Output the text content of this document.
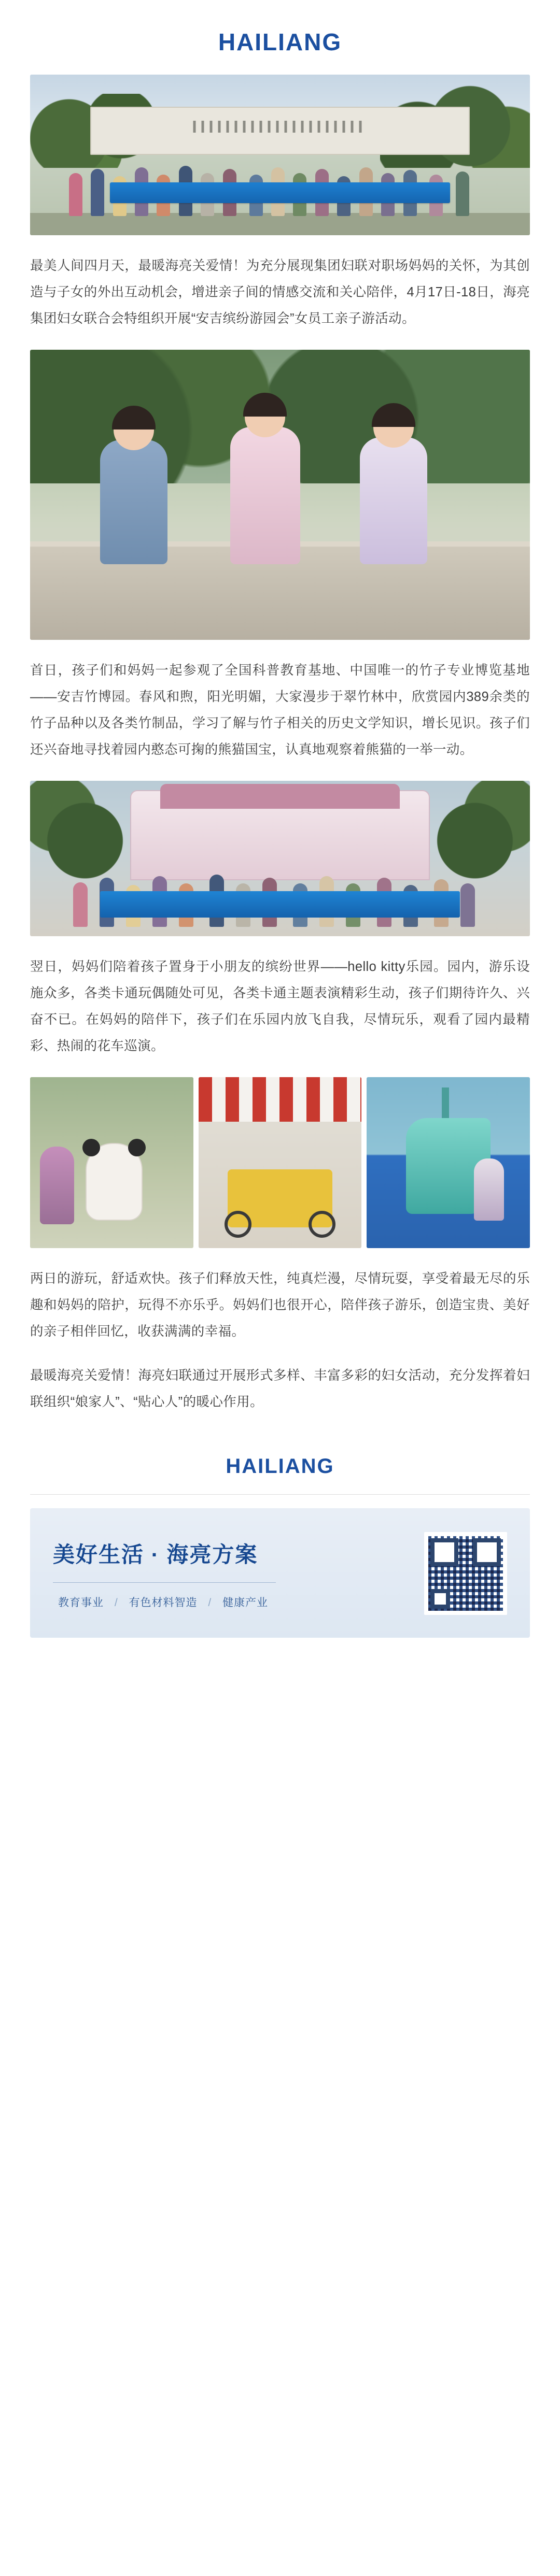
HAILIANG

最美人间四月天，最暖海亮关爱情！为充分展现集团妇联对职场妈妈的关怀，为其创造与子女的外出互动机会，增进亲子间的情感交流和关心陪伴，4月17日-18日，海亮集团妇女联合会特组织开展“安吉缤纷游园会”女员工亲子游活动。

首日，孩子们和妈妈一起参观了全国科普教育基地、中国唯一的竹子专业博览基地——安吉竹博园。春风和煦，阳光明媚，大家漫步于翠竹林中，欣赏园内389余类的竹子品种以及各类竹制品，学习了解与竹子相关的历史文学知识，增长见识。孩子们还兴奋地寻找着园内憨态可掬的熊猫国宝，认真地观察着熊猫的一举一动。

翌日，妈妈们陪着孩子置身于小朋友的缤纷世界——hello kitty乐园。园内，游乐设施众多，各类卡通玩偶随处可见，各类卡通主题表演精彩生动，孩子们期待许久、兴奋不已。在妈妈的陪伴下，孩子们在乐园内放飞自我，尽情玩乐，观看了园内最精彩、热闹的花车巡演。

两日的游玩，舒适欢快。孩子们释放天性，纯真烂漫，尽情玩耍，享受着最无尽的乐趣和妈妈的陪护，玩得不亦乐乎。妈妈们也很开心，陪伴孩子游乐，创造宝贵、美好的亲子相伴回忆，收获满满的幸福。

最暖海亮关爱情！海亮妇联通过开展形式多样、丰富多彩的妇女活动，充分发挥着妇联组织“娘家人”、“贴心人”的暖心作用。

HAILIANG
美好生活 · 海亮方案
教育事业 / 有色材料智造 / 健康产业
